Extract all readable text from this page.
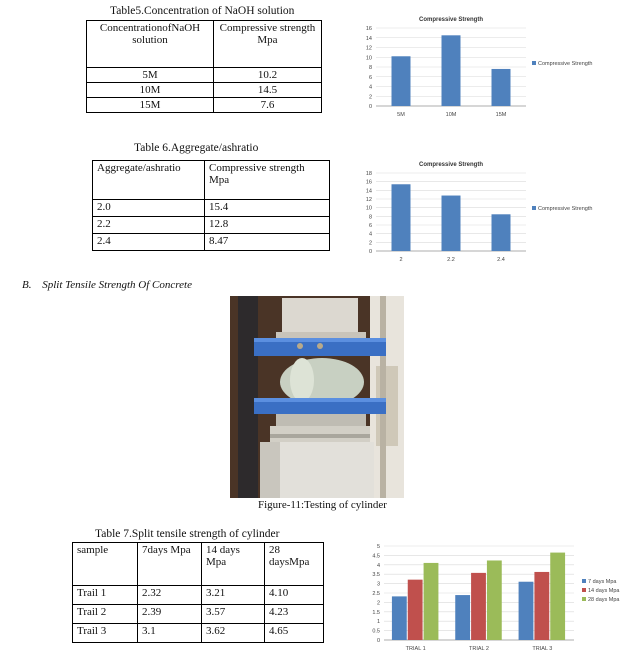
Table5.Concentration of NaOH solution
ConcentrationofNaOH solution	Compressive strength Mpa
5M	10.2
10M	14.5
15M	7.6
Compressive Strength
0
2
4
6
8
10
12
14
16
5M	10M	15M
Compressive Strength
Table 6.Aggregate/ashratio
Aggregate/ashratio	Compressive strength Mpa
2.0	15.4
2.2	12.8
2.4	8.47
Compressive Strength
0
2
4
6
8
10
12
14
16
18
2	2.2	2.4
Compressive Strength
B. Split Tensile Strength Of Concrete
Figure-11:Testing of cylinder
Table 7.Split tensile strength of cylinder
sample	7days Mpa	14 days Mpa	28 daysMpa
Trail 1	2.32	3.21	4.10
Trail 2	2.39	3.57	4.23
Trail 3	3.1	3.62	4.65
0
0.5
1
1.5
2
2.5
3
3.5
4
4.5
5
TRIAL 1	TRIAL 2	TRIAL 3
7 days Mpa
14 days Mpa
28 days Mpa
